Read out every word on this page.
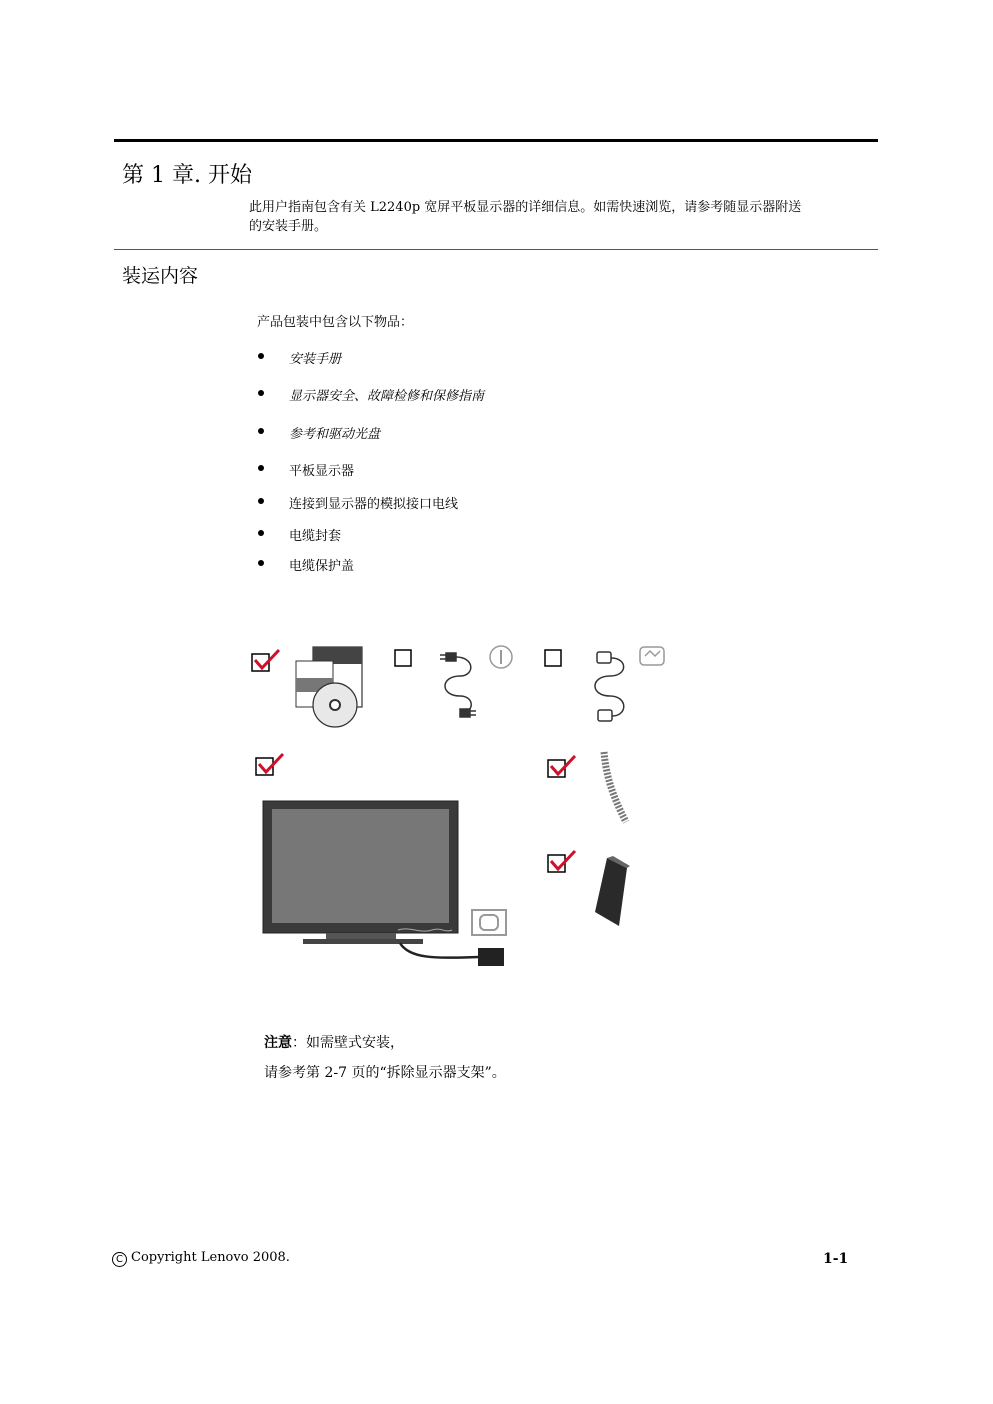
第 1 章. 开始
此用户指南包含有关 L2240p 宽屏平板显示器的详细信息。如需快速浏览，请参考随显示器附送的安装手册。
装运内容
产品包装中包含以下物品：
安装手册
显示器安全、故障检修和保修指南
参考和驱动光盘
平板显示器
连接到显示器的模拟接口电线
电缆封套
电缆保护盖
注意：如需壁式安装，
请参考第 2-7 页的“拆除显示器支架”。
C Copyright Lenovo 2008.	1-1
